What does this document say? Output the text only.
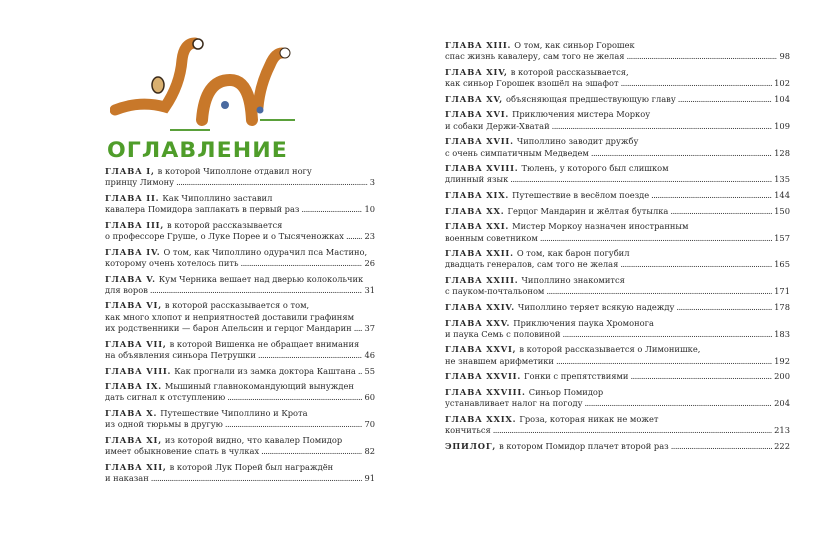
ОГЛАВЛЕНИЕ
ГЛАВА I, в которой Чиполлоне отдавил ногу
принцу Лимону . . .	3
ГЛАВА II. Как Чиполлино заставил
кавалера Помидора заплакать в первый раз . . .	10
ГЛАВА III, в которой рассказывается
о профессоре Груше, о Луке Порее и о Тысяченожках . . . 23
ГЛАВА IV. О том, как Чиполлино одурачил пса Мастино,
которому очень хотелось пить . . .	26
ГЛАВА V. Кум Черника вешает над дверью колокольчик
для воров . . .	31
ГЛАВА VI, в которой рассказывается о том,
как много хлопот и неприятностей доставили графиням
их родственники — барон Апельсин и герцог Мандарин . . . 37
ГЛАВА VII, в которой Вишенка не обращает внимания
на объявления синьора Петрушки . . .	46
ГЛАВА VIII. Как прогнали из замка доктора Каштана . . . 55
ГЛАВА IX. Мышиный главнокомандующий вынужден
дать сигнал к отступлению . . .	60
ГЛАВА X. Путешествие Чиполлино и Крота
из одной тюрьмы в другую . . .	70
ГЛАВА XI, из которой видно, что кавалер Помидор
имеет обыкновение спать в чулках . . .	82
ГЛАВА XII, в которой Лук Порей был награждён
и наказан . . .	91
ГЛАВА XIII. О том, как синьор Горошек
спас жизнь кавалеру, сам того не желая . . .	98
ГЛАВА XIV, в которой рассказывается,
как синьор Горошек взошёл на эшафот . . .	102
ГЛАВА XV, объясняющая предшествующую главу . . .	104
ГЛАВА XVI. Приключения мистера Моркоу
и собаки Держи-Хватай . . .	109
ГЛАВА XVII. Чиполлино заводит дружбу
с очень симпатичным Медведем . . .	128
ГЛАВА XVIII. Тюлень, у которого был слишком
длинный язык . . .	135
ГЛАВА XIX. Путешествие в весёлом поезде . . .	144
ГЛАВА XX. Герцог Мандарин и жёлтая бутылка . . .	150
ГЛАВА XXI. Мистер Моркоу назначен иностранным
военным советником . . .	157
ГЛАВА XXII. О том, как барон погубил
двадцать генералов, сам того не желая . . .	165
ГЛАВА XXIII. Чиполлино знакомится
с пауком-почтальоном . . .	171
ГЛАВА XXIV. Чиполлино теряет всякую надежду . . .	178
ГЛАВА XXV. Приключения паука Хромонога
и паука Семь с половиной . . .	183
ГЛАВА XXVI, в которой рассказывается о Лимонишке,
не знавшем арифметики . . .	192
ГЛАВА XXVII. Гонки с препятствиями . . .	200
ГЛАВА XXVIII. Синьор Помидор
устанавливает налог на погоду . . .	204
ГЛАВА XXIX. Гроза, которая никак не может
кончиться . . .	213
ЭПИЛОГ, в котором Помидор плачет второй раз . . .	222
